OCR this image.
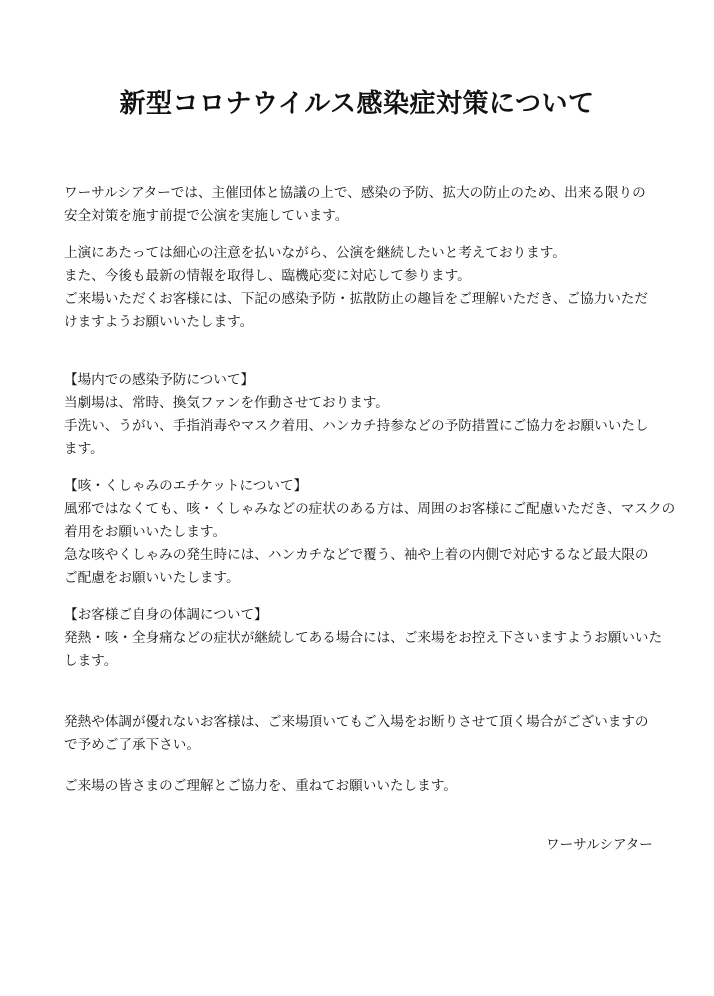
新型コロナウイルス感染症対策について
ワーサルシアターでは、主催団体と協議の上で、感染の予防、拡大の防止のため、出来る限りの
安全対策を施す前提で公演を実施しています。
上演にあたっては細心の注意を払いながら、公演を継続したいと考えております。
また、今後も最新の情報を取得し、臨機応変に対応して参ります。
ご来場いただくお客様には、下記の感染予防・拡散防止の趣旨をご理解いただき、ご協力いただ
けますようお願いいたします。
【場内での感染予防について】
当劇場は、常時、換気ファンを作動させております。
手洗い、うがい、手指消毒やマスク着用、ハンカチ持参などの予防措置にご協力をお願いいたし
ます。
【咳・くしゃみのエチケットについて】
風邪ではなくても、咳・くしゃみなどの症状のある方は、周囲のお客様にご配慮いただき、マスクの
着用をお願いいたします。
急な咳やくしゃみの発生時には、ハンカチなどで覆う、袖や上着の内側で対応するなど最大限の
ご配慮をお願いいたします。
【お客様ご自身の体調について】
発熱・咳・全身痛などの症状が継続してある場合には、ご来場をお控え下さいますようお願いいた
します。
発熱や体調が優れないお客様は、ご来場頂いてもご入場をお断りさせて頂く場合がございますの
で予めご了承下さい。
ご来場の皆さまのご理解とご協力を、重ねてお願いいたします。
ワーサルシアター
